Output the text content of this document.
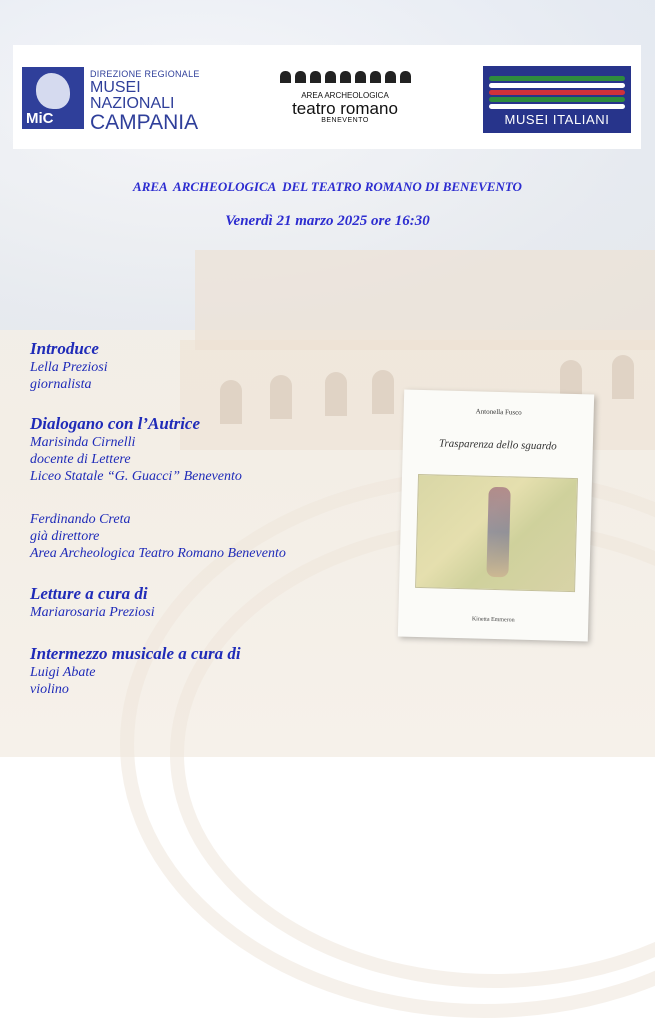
MiC
DIREZIONE REGIONALE
MUSEI
NAZIONALI
CAMPANIA
AREA ARCHEOLOGICA
teatro romano
BENEVENTO	MUSEI ITALIANI
AREA  ARCHEOLOGICA  DEL TEATRO ROMANO DI BENEVENTO
Venerdì 21 marzo 2025 ore 16:30
Introduce
Lella Preziosi
giornalista
Dialogano con l’Autrice
Marisinda Cirnelli
docente di Lettere
Liceo Statale “G. Guacci” Benevento
Ferdinando Creta
già direttore
Area Archeologica Teatro Romano Benevento
Letture a cura di
Mariarosaria Preziosi
Intermezzo musicale a cura di
Luigi Abate
violino
Antonella Fusco
Trasparenza dello sguardo
Kinetta Emmeron
